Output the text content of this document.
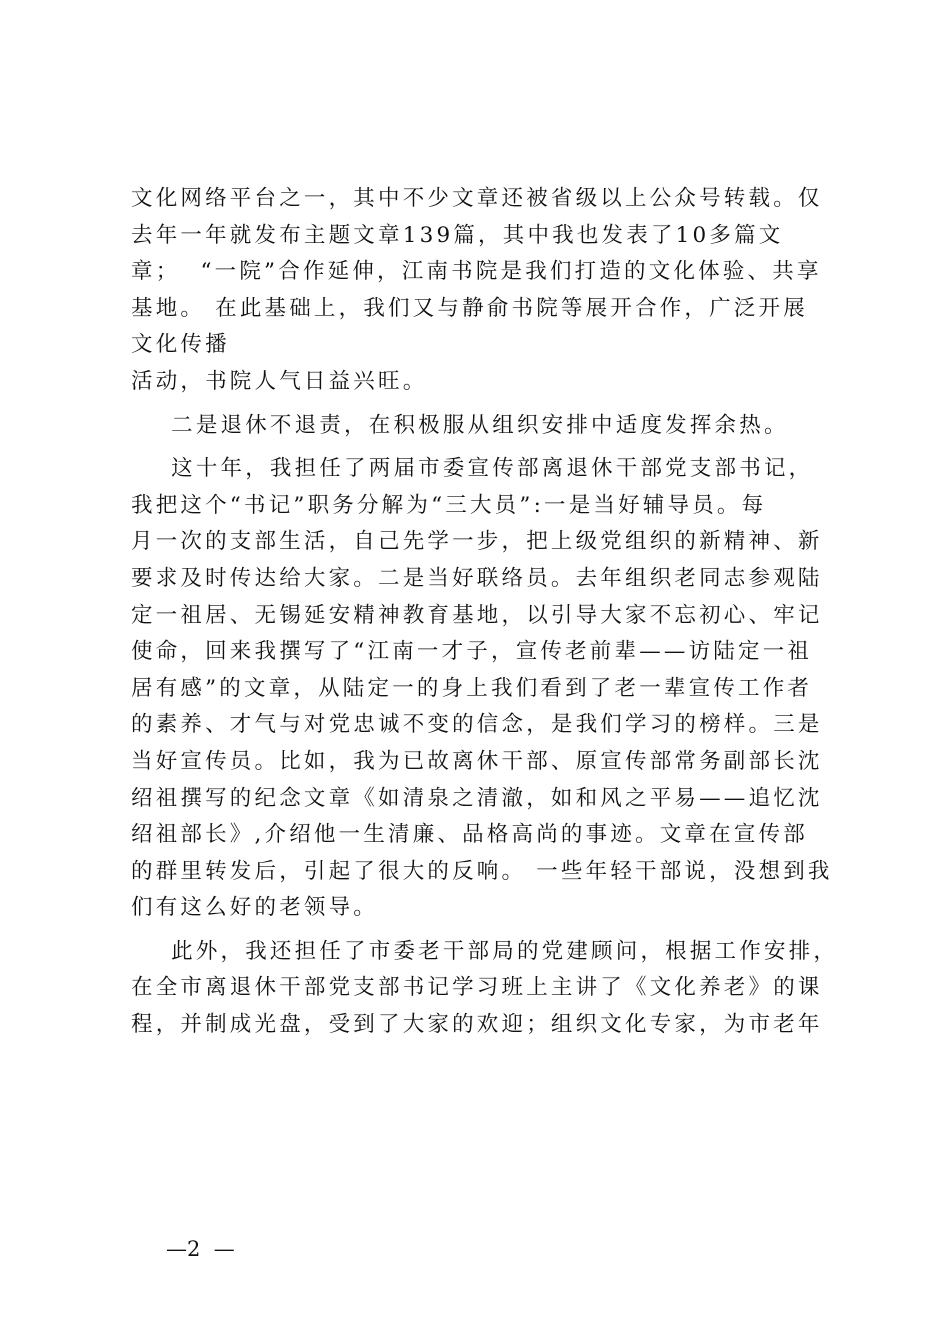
文化网络平台之一，其中不少文章还被省级以上公众号转载。仅
去年一年就发布主题文章139篇，其中我也发表了10多篇文
章；  “一院”合作延伸，江南书院是我们打造的文化体验、共享
基地。 在此基础上，我们又与静俞书院等展开合作，广泛开展
文化传播
活动，书院人气日益兴旺。
二是退休不退责，在积极服从组织安排中适度发挥余热。
这十年，我担任了两届市委宣传部离退休干部党支部书记，
我把这个“书记”职务分解为“三大员”:一是当好辅导员。每
月一次的支部生活，自己先学一步，把上级党组织的新精神、新
要求及时传达给大家。二是当好联络员。去年组织老同志参观陆
定一祖居、无锡延安精神教育基地，以引导大家不忘初心、牢记
使命，回来我撰写了“江南一才子，宣传老前辈——访陆定一祖
居有感”的文章，从陆定一的身上我们看到了老一辈宣传工作者
的素养、才气与对党忠诚不变的信念，是我们学习的榜样。三是
当好宣传员。比如，我为已故离休干部、原宣传部常务副部长沈
绍祖撰写的纪念文章《如清泉之清澈，如和风之平易——追忆沈
绍祖部长》,介绍他一生清廉、品格高尚的事迹。文章在宣传部
的群里转发后，引起了很大的反响。 一些年轻干部说，没想到我
们有这么好的老领导。
此外，我还担任了市委老干部局的党建顾问，根据工作安排，
在全市离退休干部党支部书记学习班上主讲了《文化养老》的课
程，并制成光盘，受到了大家的欢迎；组织文化专家，为市老年
—2  —
